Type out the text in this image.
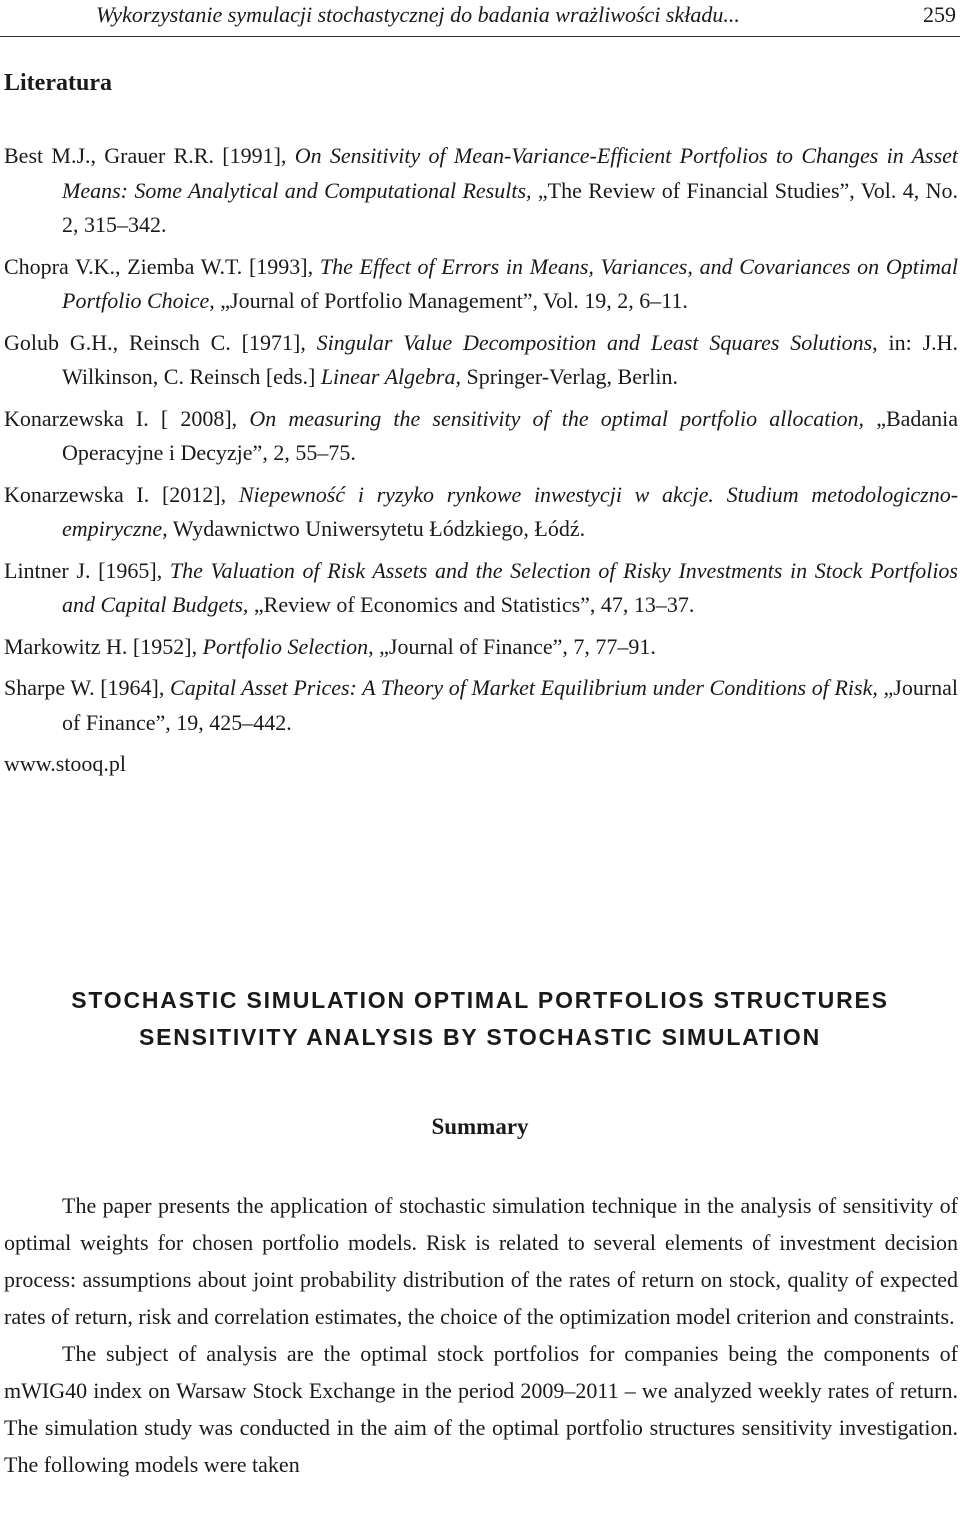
Wykorzystanie symulacji stochastycznej do badania wrażliwości składu...	259
Literatura
Best M.J., Grauer R.R. [1991], On Sensitivity of Mean-Variance-Efficient Portfolios to Changes in Asset Means: Some Analytical and Computational Results, „The Review of Financial Studies”, Vol. 4, No. 2, 315–342.
Chopra V.K., Ziemba W.T. [1993], The Effect of Errors in Means, Variances, and Covariances on Optimal Portfolio Choice, „Journal of Portfolio Management”, Vol. 19, 2, 6–11.
Golub G.H., Reinsch C. [1971], Singular Value Decomposition and Least Squares Solutions, in: J.H. Wilkinson, C. Reinsch [eds.] Linear Algebra, Springer-Verlag, Berlin.
Konarzewska I. [ 2008], On measuring the sensitivity of the optimal portfolio allocation, „Badania Operacyjne i Decyzje”, 2, 55–75.
Konarzewska I. [2012], Niepewność i ryzyko rynkowe inwestycji w akcje. Studium metodologiczno-empiryczne, Wydawnictwo Uniwersytetu Łódzkiego, Łódź.
Lintner J. [1965], The Valuation of Risk Assets and the Selection of Risky Investments in Stock Portfolios and Capital Budgets, „Review of Economics and Statistics”, 47, 13–37.
Markowitz H. [1952], Portfolio Selection, „Journal of Finance”, 7, 77–91.
Sharpe W. [1964], Capital Asset Prices: A Theory of Market Equilibrium under Conditions of Risk, „Journal of Finance”, 19, 425–442.
www.stooq.pl
STOCHASTIC SIMULATION OPTIMAL PORTFOLIOS STRUCTURES
SENSITIVITY ANALYSIS BY STOCHASTIC SIMULATION
Summary

The paper presents the application of stochastic simulation technique in the analysis of sensitivity of optimal weights for chosen portfolio models. Risk is related to several elements of investment decision process: assumptions about joint probability distribution of the rates of return on stock, quality of expected rates of return, risk and correlation estimates, the choice of the optimization model criterion and constraints.

The subject of analysis are the optimal stock portfolios for companies being the components of mWIG40 index on Warsaw Stock Exchange in the period 2009–2011 – we analyzed weekly rates of return. The simulation study was conducted in the aim of the optimal portfolio structures sensitivity investigation. The following models were taken
